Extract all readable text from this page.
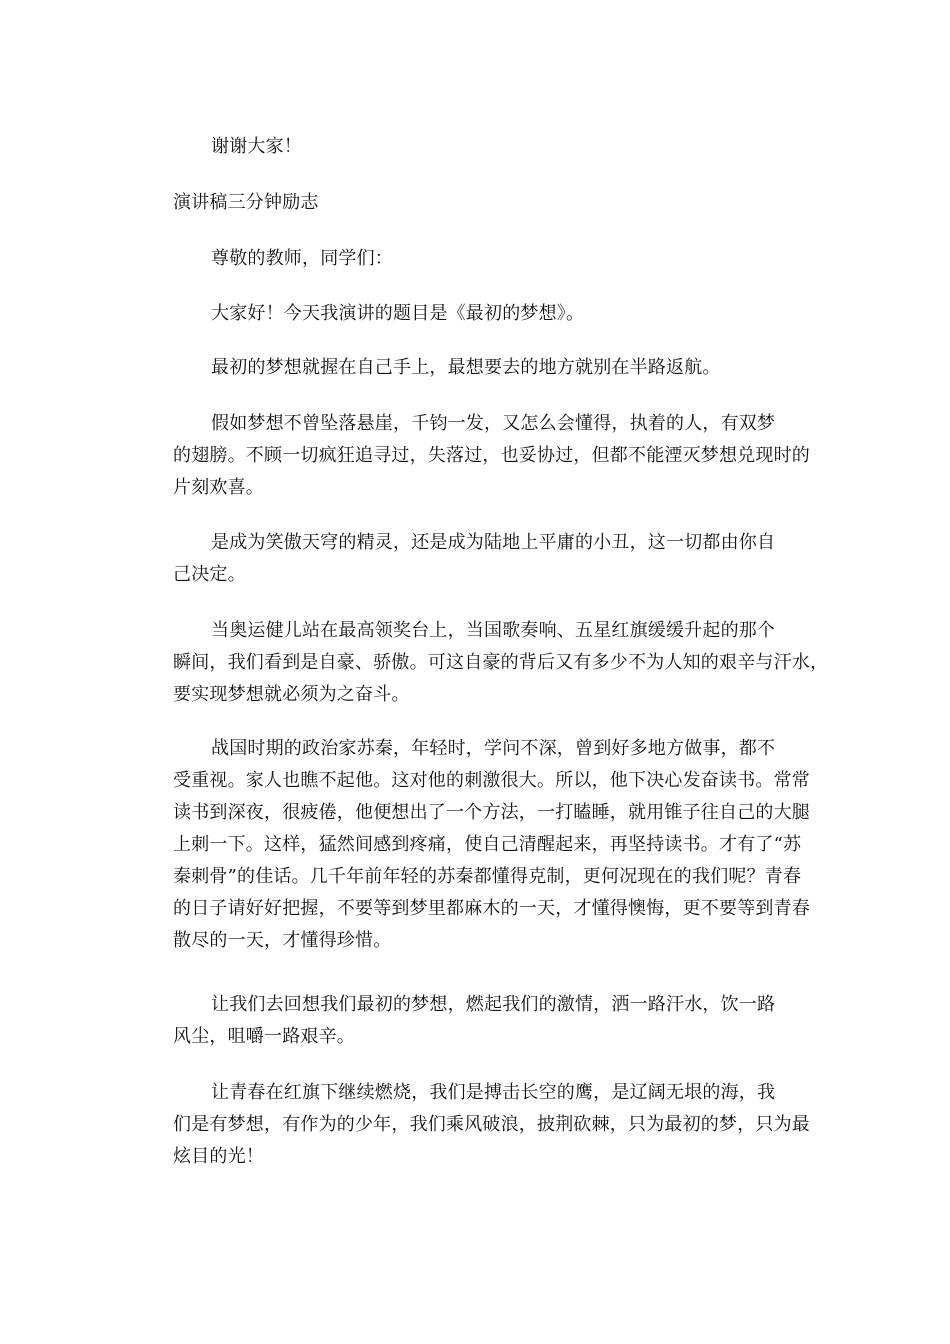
谢谢大家！
演讲稿三分钟励志
尊敬的教师，同学们：
大家好！今天我演讲的题目是《最初的梦想》。
最初的梦想就握在自己手上，最想要去的地方就别在半路返航。
假如梦想不曾坠落悬崖，千钧一发，又怎么会懂得，执着的人，有双梦
的翅膀。不顾一切疯狂追寻过，失落过，也妥协过，但都不能湮灭梦想兑现时的
片刻欢喜。
是成为笑傲天穹的精灵，还是成为陆地上平庸的小丑，这一切都由你自
己决定。
当奥运健儿站在最高领奖台上，当国歌奏响、五星红旗缓缓升起的那个
瞬间，我们看到是自豪、骄傲。可这自豪的背后又有多少不为人知的艰辛与汗水，
要实现梦想就必须为之奋斗。
战国时期的政治家苏秦，年轻时，学问不深，曾到好多地方做事，都不
受重视。家人也瞧不起他。这对他的刺激很大。所以，他下决心发奋读书。常常
读书到深夜，很疲倦，他便想出了一个方法，一打瞌睡，就用锥子往自己的大腿
上刺一下。这样，猛然间感到疼痛，使自己清醒起来，再坚持读书。才有了“苏
秦刺骨”的佳话。几千年前年轻的苏秦都懂得克制，更何况现在的我们呢？青春
的日子请好好把握，不要等到梦里都麻木的一天，才懂得懊悔，更不要等到青春
散尽的一天，才懂得珍惜。
让我们去回想我们最初的梦想，燃起我们的激情，洒一路汗水，饮一路
风尘，咀嚼一路艰辛。
让青春在红旗下继续燃烧，我们是搏击长空的鹰，是辽阔无垠的海，我
们是有梦想，有作为的少年，我们乘风破浪，披荆砍棘，只为最初的梦，只为最
炫目的光！
